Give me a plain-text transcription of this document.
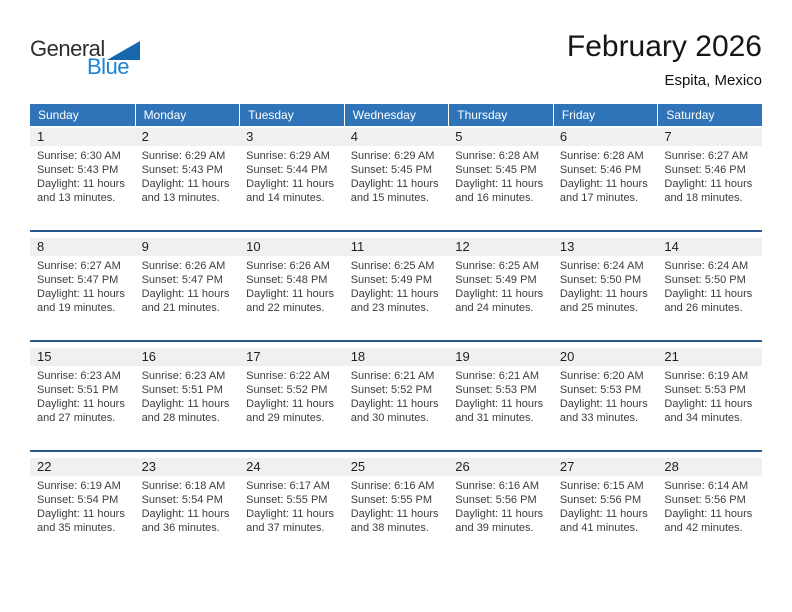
General
Blue
February 2026
Espita, Mexico
Sunday	Monday	Tuesday	Wednesday	Thursday	Friday	Saturday
1	2	3	4	5	6	7
Sunrise: 6:30 AM
Sunset: 5:43 PM
Daylight: 11 hours
and 13 minutes.
Sunrise: 6:29 AM
Sunset: 5:43 PM
Daylight: 11 hours
and 13 minutes.
Sunrise: 6:29 AM
Sunset: 5:44 PM
Daylight: 11 hours
and 14 minutes.
Sunrise: 6:29 AM
Sunset: 5:45 PM
Daylight: 11 hours
and 15 minutes.
Sunrise: 6:28 AM
Sunset: 5:45 PM
Daylight: 11 hours
and 16 minutes.
Sunrise: 6:28 AM
Sunset: 5:46 PM
Daylight: 11 hours
and 17 minutes.
Sunrise: 6:27 AM
Sunset: 5:46 PM
Daylight: 11 hours
and 18 minutes.
8	9	10	11	12	13	14
Sunrise: 6:27 AM
Sunset: 5:47 PM
Daylight: 11 hours
and 19 minutes.
Sunrise: 6:26 AM
Sunset: 5:47 PM
Daylight: 11 hours
and 21 minutes.
Sunrise: 6:26 AM
Sunset: 5:48 PM
Daylight: 11 hours
and 22 minutes.
Sunrise: 6:25 AM
Sunset: 5:49 PM
Daylight: 11 hours
and 23 minutes.
Sunrise: 6:25 AM
Sunset: 5:49 PM
Daylight: 11 hours
and 24 minutes.
Sunrise: 6:24 AM
Sunset: 5:50 PM
Daylight: 11 hours
and 25 minutes.
Sunrise: 6:24 AM
Sunset: 5:50 PM
Daylight: 11 hours
and 26 minutes.
15	16	17	18	19	20	21
Sunrise: 6:23 AM
Sunset: 5:51 PM
Daylight: 11 hours
and 27 minutes.
Sunrise: 6:23 AM
Sunset: 5:51 PM
Daylight: 11 hours
and 28 minutes.
Sunrise: 6:22 AM
Sunset: 5:52 PM
Daylight: 11 hours
and 29 minutes.
Sunrise: 6:21 AM
Sunset: 5:52 PM
Daylight: 11 hours
and 30 minutes.
Sunrise: 6:21 AM
Sunset: 5:53 PM
Daylight: 11 hours
and 31 minutes.
Sunrise: 6:20 AM
Sunset: 5:53 PM
Daylight: 11 hours
and 33 minutes.
Sunrise: 6:19 AM
Sunset: 5:53 PM
Daylight: 11 hours
and 34 minutes.
22	23	24	25	26	27	28
Sunrise: 6:19 AM
Sunset: 5:54 PM
Daylight: 11 hours
and 35 minutes.
Sunrise: 6:18 AM
Sunset: 5:54 PM
Daylight: 11 hours
and 36 minutes.
Sunrise: 6:17 AM
Sunset: 5:55 PM
Daylight: 11 hours
and 37 minutes.
Sunrise: 6:16 AM
Sunset: 5:55 PM
Daylight: 11 hours
and 38 minutes.
Sunrise: 6:16 AM
Sunset: 5:56 PM
Daylight: 11 hours
and 39 minutes.
Sunrise: 6:15 AM
Sunset: 5:56 PM
Daylight: 11 hours
and 41 minutes.
Sunrise: 6:14 AM
Sunset: 5:56 PM
Daylight: 11 hours
and 42 minutes.
